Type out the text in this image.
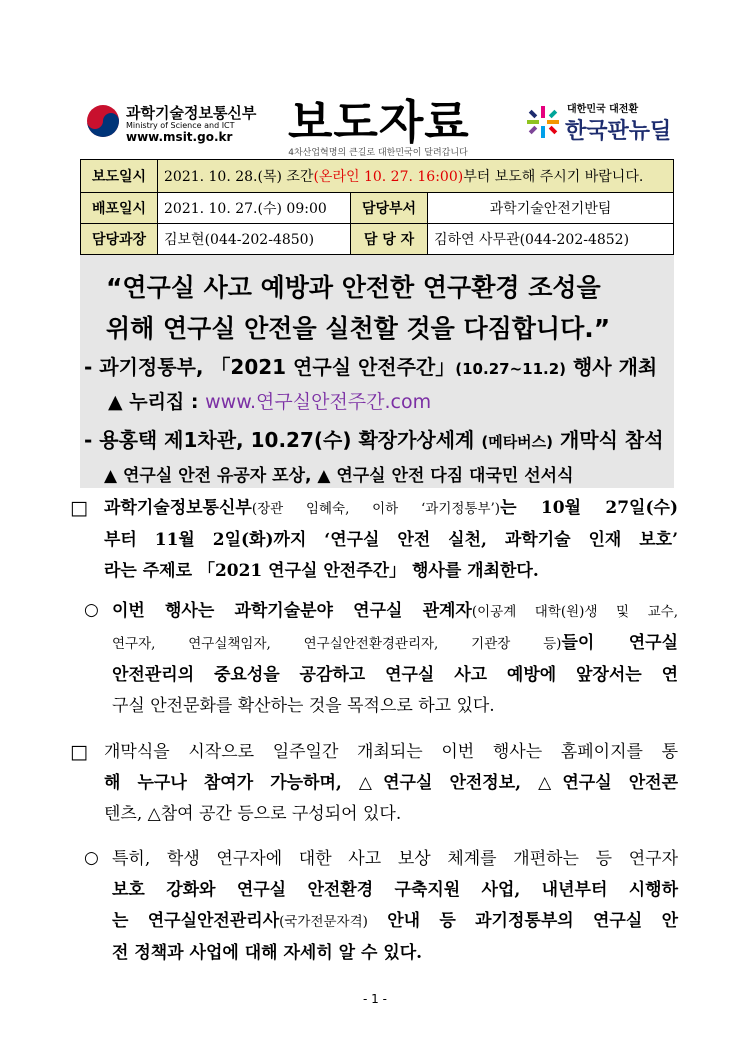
과학기술정보통신부
Ministry of Science and ICT
www.msit.go.kr 보도자료
4차산업혁명의 큰길로 대한민국이 달려갑니다
대한민국 대전환
한국판뉴딜
보도일시	2021. 10. 28.(목) 조간(온라인 10. 27. 16:00)부터 보도해 주시기 바랍니다.		
배포일시	2021. 10. 27.(수) 09:00	담당부서	과학기술안전기반팀
담당과장	김보현(044-202-4850)	담 당 자	김하연 사무관(044-202-4852)
“연구실 사고 예방과 안전한 연구환경 조성을
위해 연구실 안전을 실천할 것을 다짐합니다.”
- 과기정통부, 「2021 연구실 안전주간」(10.27~11.2) 행사 개최
▲ 누리집 : www.연구실안전주간.com
- 용홍택 제1차관, 10.27(수) 확장가상세계 (메타버스) 개막식 참석
▲ 연구실 안전 유공자 포상, ▲ 연구실 안전 다짐 대국민 선서식
□ 과학기술정보통신부(장관 임혜숙, 이하 ‘과기정통부’)는 10월 27일(수)
부터 11월 2일(화)까지 ‘연구실 안전 실천, 과학기술 인재 보호’
라는 주제로 「2021 연구실 안전주간」 행사를 개최한다.
○ 이번 행사는 과학기술분야 연구실 관계자(이공계 대학(원)생 및 교수,
연구자, 연구실책임자, 연구실안전환경관리자, 기관장 등)들이 연구실
안전관리의 중요성을 공감하고 연구실 사고 예방에 앞장서는 연
구실 안전문화를 확산하는 것을 목적으로 하고 있다.
□ 개막식을 시작으로 일주일간 개최되는 이번 행사는 홈페이지를 통
해 누구나 참여가 가능하며, △연구실 안전정보, △연구실 안전콘
텐츠, △참여 공간 등으로 구성되어 있다.
○ 특히, 학생 연구자에 대한 사고 보상 체계를 개편하는 등 연구자
보호 강화와 연구실 안전환경 구축지원 사업, 내년부터 시행하
는 연구실안전관리사(국가전문자격) 안내 등 과기정통부의 연구실 안
전 정책과 사업에 대해 자세히 알 수 있다.
- 1 -
